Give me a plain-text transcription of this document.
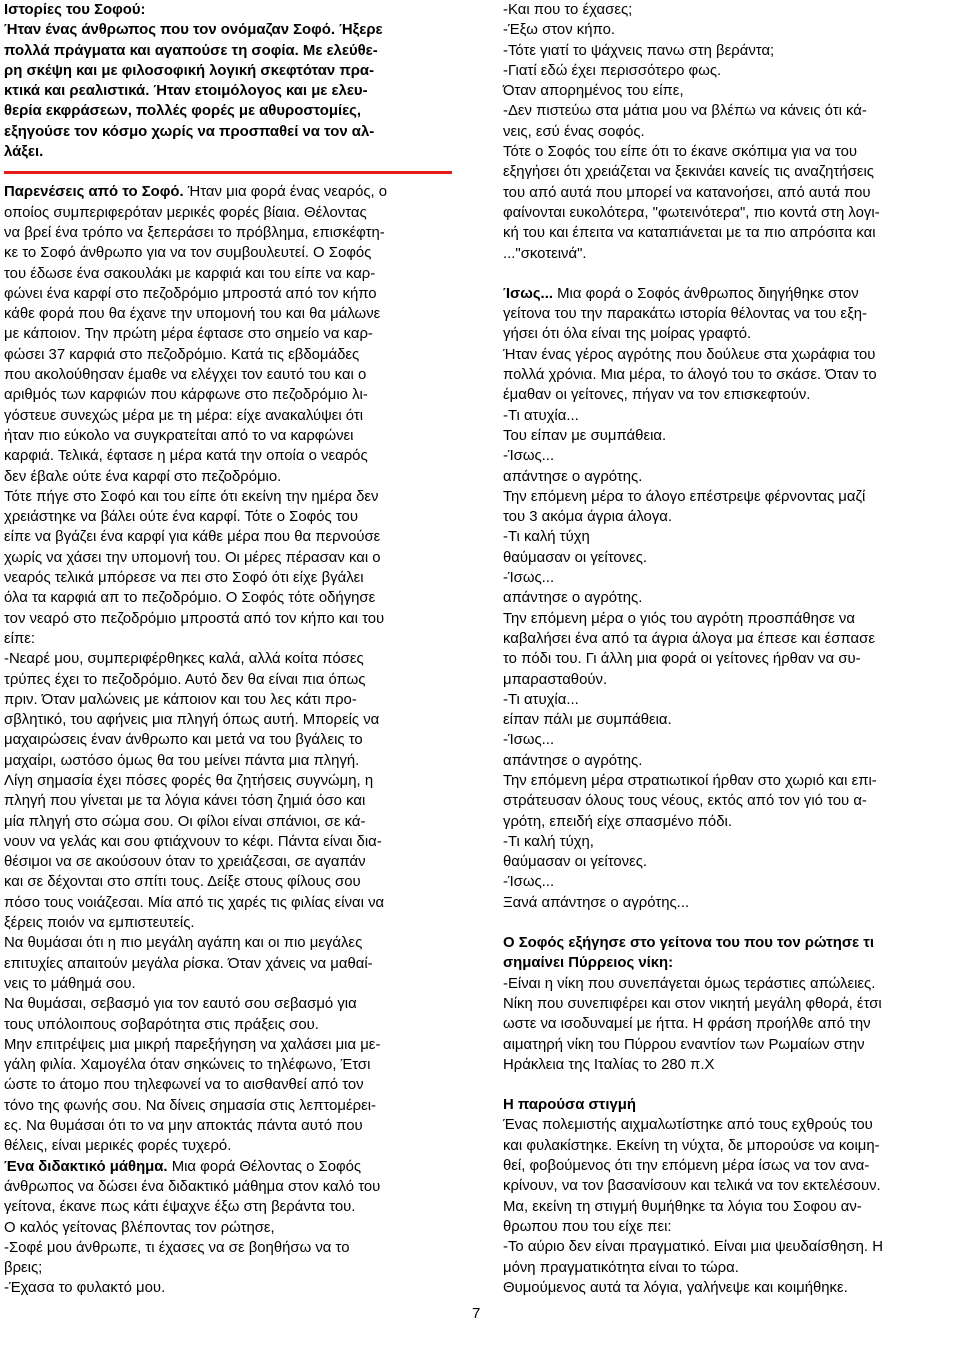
Ιστορίες του Σοφού:

Ήταν ένας άνθρωπος που τον ονόμαζαν Σοφό. Ήξερε

πολλά πράγματα και αγαπούσε τη σοφία. Με ελεύθε-

ρη σκέψη και με φιλοσοφική λογική σκεφτόταν πρα-

κτικά και ρεαλιστικά. Ήταν ετοιμόλογος και με ελευ-

θερία εκφράσεων, πολλές φορές με αθυροστομίες,

εξηγούσε τον κόσμο χωρίς να προσπαθεί να τον αλ-

λάξει.

Παρενέσεις από το Σοφό. Ήταν μια φορά ένας νεαρός, ο

οποίος συμπεριφερόταν μερικές φορές βίαια. Θέλοντας

να βρεί ένα τρόπο να ξεπεράσει το πρόβλημα, επισκέφτη-

κε το Σοφό άνθρωπο για να τον συμβουλευτεί. Ο Σοφός

του έδωσε ένα σακουλάκι με καρφιά και του είπε να καρ-

φώνει ένα καρφί στο πεζοδρόμιο μπροστά από τον κήπο

κάθε φορά που θα έχανε την υπομονή του και θα μάλωνε

με κάποιον. Την πρώτη μέρα έφτασε στο σημείο να καρ-

φώσει 37 καρφιά στο πεζοδρόμιο. Κατά τις εβδομάδες

που ακολούθησαν έμαθε να ελέγχει τον εαυτό του και ο

αριθμός των καρφιών που κάρφωνε στο πεζοδρόμιο λι-

γόστευε συνεχώς μέρα με τη μέρα: είχε ανακαλύψει ότι

ήταν πιο εύκολο να συγκρατείται από το να καρφώνει

καρφιά. Τελικά, έφτασε η μέρα κατά την οποία ο νεαρός

δεν έβαλε ούτε ένα καρφί στο πεζοδρόμιο.

Τότε πήγε στο Σοφό και του είπε ότι εκείνη την ημέρα δεν

χρειάστηκε να βάλει ούτε ένα καρφί. Τότε ο Σοφός του

είπε να βγάζει ένα καρφί για κάθε μέρα που θα περνούσε

χωρίς να χάσει την υπομονή του. Οι μέρες πέρασαν και ο

νεαρός τελικά μπόρεσε να πει στο Σοφό ότι είχε βγάλει

όλα τα καρφιά απ το πεζοδρόμιο. Ο Σοφός τότε οδήγησε

τον νεαρό στο πεζοδρόμιο μπροστά από τον κήπο και του

είπε:

-Νεαρέ μου, συμπεριφέρθηκες καλά, αλλά κοίτα πόσες

τρύπες έχει το πεζοδρόμιο. Αυτό δεν θα είναι πια όπως

πριν. Όταν μαλώνεις με κάποιον και του λες κάτι προ-

σβλητικό, του αφήνεις μια πληγή όπως αυτή. Μπορείς να

μαχαιρώσεις έναν άνθρωπο και μετά να του βγάλεις το

μαχαίρι, ωστόσο όμως θα του μείνει πάντα μια πληγή.

Λίγη σημασία έχει πόσες φορές θα ζητήσεις συγνώμη, η

πληγή που γίνεται με τα λόγια κάνει τόση ζημιά όσο και

μία πληγή στο σώμα σου. Οι φίλοι είναι σπάνιοι, σε κά-

νουν να γελάς και σου φτιάχνουν το κέφι. Πάντα είναι δια-

θέσιμοι να σε ακούσουν όταν το χρειάζεσαι, σε αγαπάν

και σε δέχονται στο σπίτι τους. Δείξε στους φίλους σου

πόσο τους νοιάζεσαι. Μία από τις χαρές τις φιλίας είναι να

ξέρεις ποιόν να εμπιστευτείς.

Να θυμάσαι ότι η πιο μεγάλη αγάπη και οι πιο μεγάλες

επιτυχίες απαιτούν μεγάλα ρίσκα. Όταν χάνεις να μαθαί-

νεις το μάθημά σου.

Να θυμάσαι, σεβασμό για τον εαυτό σου σεβασμό για

τους υπόλοιπους σοβαρότητα στις πράξεις σου.

Μην επιτρέψεις μια μικρή παρεξήγηση να χαλάσει μια με-

γάλη φιλία. Χαμογέλα όταν σηκώνεις το τηλέφωνο, Έτσι

ώστε το άτομο που τηλεφωνεί να το αισθανθεί από τον

τόνο της φωνής σου. Να δίνεις σημασία στις λεπτομέρει-

ες. Να θυμάσαι ότι το να μην αποκτάς πάντα αυτό που

θέλεις, είναι μερικές φορές τυχερό.

Ένα διδακτικό μάθημα. Μια φορά Θέλοντας ο Σοφός

άνθρωπος να δώσει ένα διδακτικό μάθημα στον καλό του

γείτονα, έκανε πως κάτι έψαχνε έξω στη βεράντα του.

Ο καλός γείτονας βλέποντας τον ρώτησε,

-Σοφέ μου άνθρωπε, τι έχασες να σε βοηθήσω να το

βρεις;

-Έχασα το φυλακτό μου.

-Και που το έχασες;

-Έξω στον κήπο.

-Τότε γιατί το ψάχνεις πανω στη βεράντα;

-Γιατί εδώ έχει περισσότερο φως.

Όταν απορημένος του είπε,

-Δεν πιστεύω στα μάτια μου να βλέπω να κάνεις ότι κά-

νεις, εσύ ένας σοφός.

Τότε ο Σοφός του είπε ότι το έκανε σκόπιμα για να του

εξηγήσει ότι χρειάζεται να ξεκινάει κανείς τις αναζητήσεις

του από αυτά που μπορεί να κατανοήσει, από αυτά που

φαίνονται ευκολότερα, "φωτεινότερα", πιο κοντά στη λογι-

κή του και έπειτα να καταπιάνεται με τα πιο απρόσιτα και

..."σκοτεινά".

Ίσως... Μια φορά ο Σοφός άνθρωπος διηγήθηκε στον

γείτονα του την παρακάτω ιστορία θέλοντας να του εξη-

γήσει ότι όλα είναι της μοίρας γραφτό.

Ήταν ένας γέρος αγρότης που δούλευε στα χωράφια του

πολλά χρόνια. Μια μέρα, το άλογό του το σκάσε. Όταν το

έμαθαν οι γείτονες, πήγαν να τον επισκεφτούν.

-Τι ατυχία...

Του είπαν με συμπάθεια.

-Ίσως...

απάντησε ο αγρότης.

Την επόμενη μέρα το άλογο επέστρεψε φέρνοντας μαζί

του 3 ακόμα άγρια άλογα.

-Τι καλή τύχη

θαύμασαν οι γείτονες.

-Ίσως...

απάντησε ο αγρότης.

Την επόμενη μέρα ο γιός του αγρότη προσπάθησε να

καβαλήσει ένα από τα άγρια άλογα μα έπεσε και έσπασε

το πόδι του. Γι άλλη μια φορά οι γείτονες ήρθαν να συ-

μπαρασταθούν.

-Τι ατυχία...

είπαν πάλι με συμπάθεια.

-Ίσως...

απάντησε ο αγρότης.

Την επόμενη μέρα στρατιωτικοί ήρθαν στο χωριό και επι-

στράτευσαν όλους τους νέους, εκτός από τον γιό του α-

γρότη, επειδή είχε σπασμένο πόδι.

-Τι καλή τύχη,

θαύμασαν οι γείτονες.

-Ίσως...

Ξανά απάντησε ο αγρότης...

Ο Σοφός εξήγησε στο γείτονα του που τον ρώτησε τι

σημαίνει Πύρρειος νίκη:

-Είναι η νίκη που συνεπάγεται όμως τεράστιες απώλειες.

Νίκη που συνεπιφέρει και στον νικητή μεγάλη φθορά, έτσι

ωστε να ισοδυναμεί με ήττα. Η φράση προήλθε από την

αιματηρή νίκη του Πύρρου εναντίον των Ρωμαίων στην

Ηράκλεια της Ιταλίας το 280 π.Χ

Η παρούσα στιγμή

Ένας πολεμιστής αιχμαλωτίστηκε από τους εχθρούς του

και φυλακίστηκε. Εκείνη τη νύχτα, δε μπορούσε να κοιμη-

θεί, φοβούμενος ότι την επόμενη μέρα ίσως να τον ανα-

κρίνουν, να τον βασανίσουν και τελικά να τον εκτελέσουν.

Μα, εκείνη τη στιγμή θυμήθηκε τα λόγια του Σοφου αν-

θρωπου που του είχε πει:

-Το αύριο δεν είναι πραγματικό. Είναι μια ψευδαίσθηση. Η

μόνη πραγματικότητα είναι το τώρα.

Θυμούμενος αυτά τα λόγια, γαλήνεψε και κοιμήθηκε.

7
